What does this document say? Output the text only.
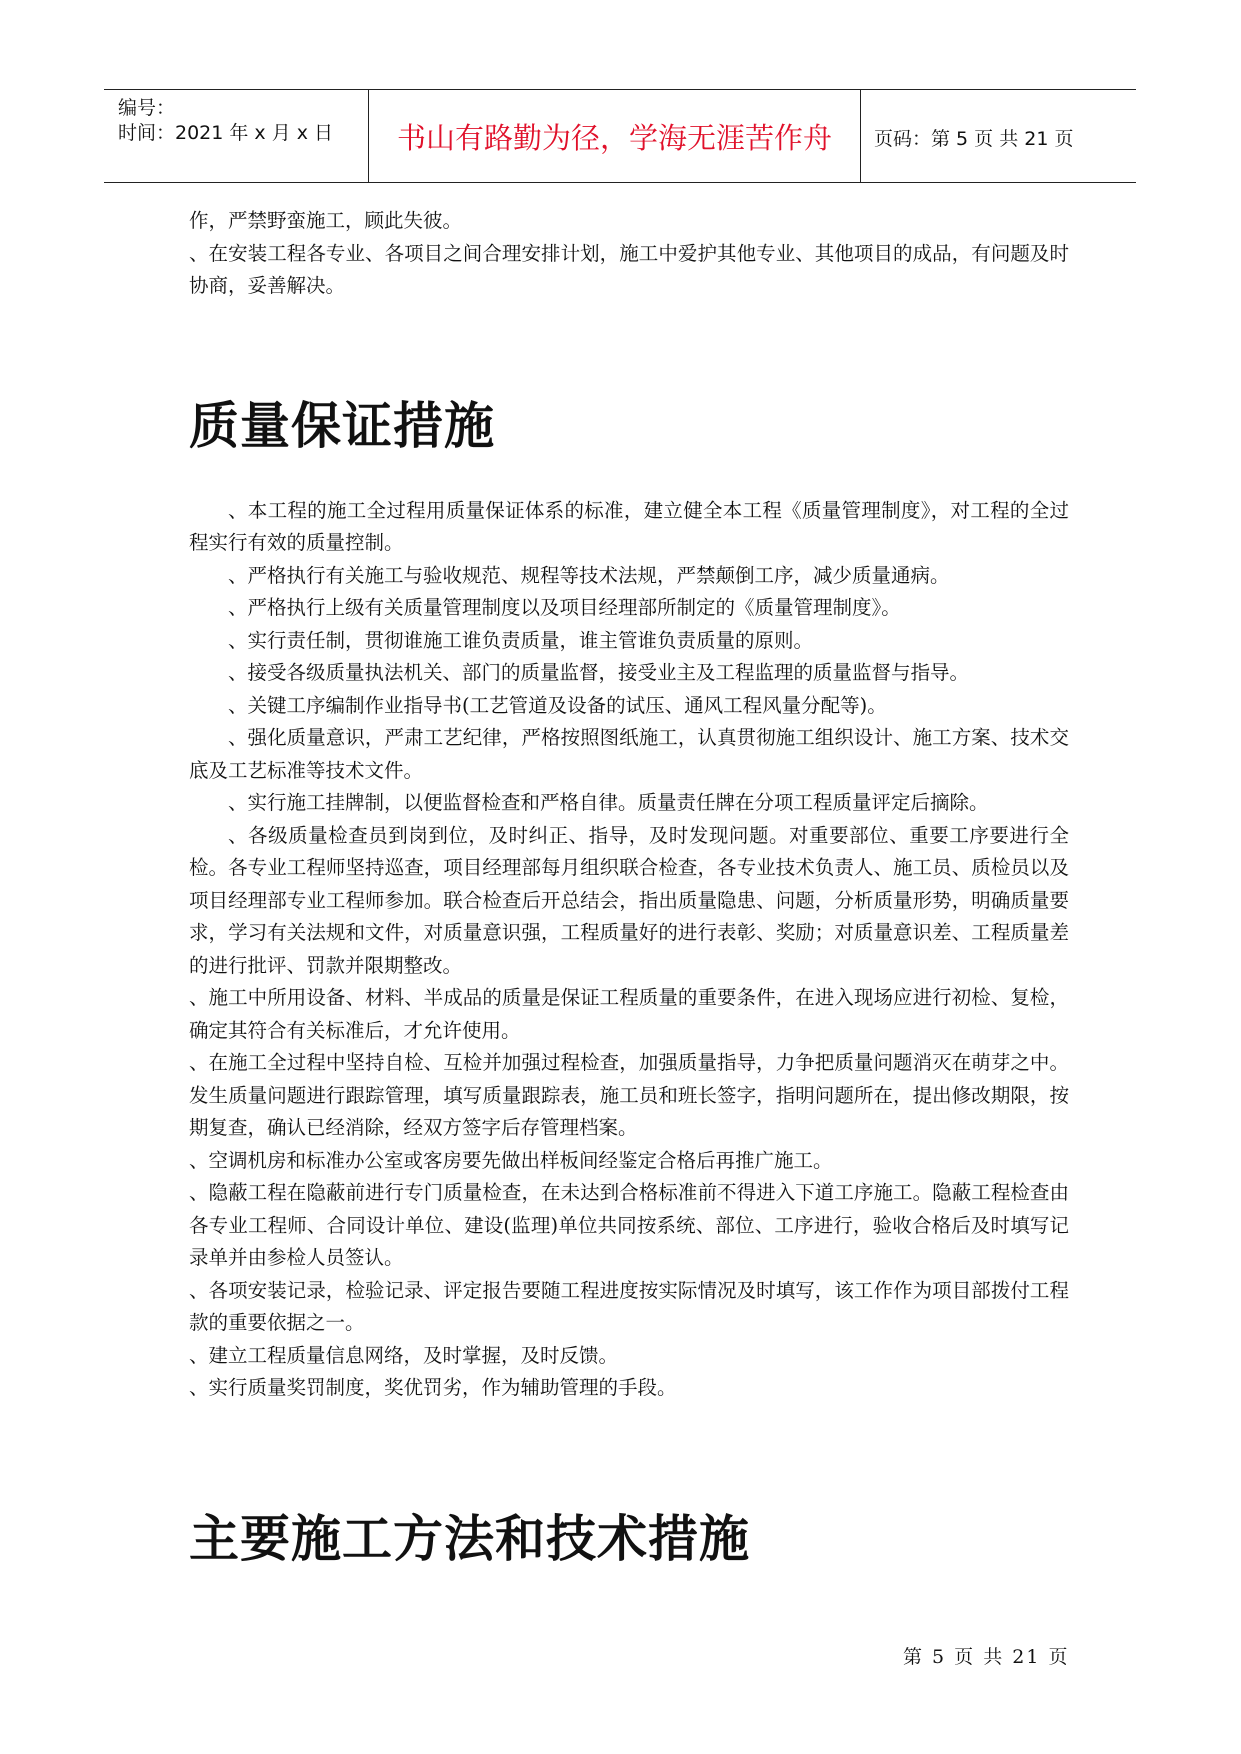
编号：
时间：2021 年 x 月 x 日	书山有路勤为径，学海无涯苦作舟	页码：第 5 页 共 21 页

作，严禁野蛮施工，顾此失彼。

、在安装工程各专业、各项目之间合理安排计划，施工中爱护其他专业、其他项目的成品，有问题及时协商，妥善解决。

质量保证措施

、本工程的施工全过程用质量保证体系的标准，建立健全本工程《质量管理制度》，对工程的全过程实行有效的质量控制。

、严格执行有关施工与验收规范、规程等技术法规，严禁颠倒工序，减少质量通病。

、严格执行上级有关质量管理制度以及项目经理部所制定的《质量管理制度》。

、实行责任制，贯彻谁施工谁负责质量，谁主管谁负责质量的原则。

、接受各级质量执法机关、部门的质量监督，接受业主及工程监理的质量监督与指导。

、关键工序编制作业指导书(工艺管道及设备的试压、通风工程风量分配等)。

、强化质量意识，严肃工艺纪律，严格按照图纸施工，认真贯彻施工组织设计、施工方案、技术交底及工艺标准等技术文件。

、实行施工挂牌制，以便监督检查和严格自律。质量责任牌在分项工程质量评定后摘除。

、各级质量检查员到岗到位，及时纠正、指导，及时发现问题。对重要部位、重要工序要进行全检。各专业工程师坚持巡查，项目经理部每月组织联合检查，各专业技术负责人、施工员、质检员以及项目经理部专业工程师参加。联合检查后开总结会，指出质量隐患、问题，分析质量形势，明确质量要求，学习有关法规和文件，对质量意识强，工程质量好的进行表彰、奖励；对质量意识差、工程质量差的进行批评、罚款并限期整改。

、施工中所用设备、材料、半成品的质量是保证工程质量的重要条件，在进入现场应进行初检、复检，确定其符合有关标准后，才允许使用。

、在施工全过程中坚持自检、互检并加强过程检查，加强质量指导，力争把质量问题消灭在萌芽之中。发生质量问题进行跟踪管理，填写质量跟踪表，施工员和班长签字，指明问题所在，提出修改期限，按期复查，确认已经消除，经双方签字后存管理档案。

、空调机房和标准办公室或客房要先做出样板间经鉴定合格后再推广施工。

、隐蔽工程在隐蔽前进行专门质量检查，在未达到合格标准前不得进入下道工序施工。隐蔽工程检查由各专业工程师、合同设计单位、建设(监理)单位共同按系统、部位、工序进行，验收合格后及时填写记录单并由参检人员签认。

、各项安装记录，检验记录、评定报告要随工程进度按实际情况及时填写，该工作作为项目部拨付工程款的重要依据之一。

、建立工程质量信息网络，及时掌握，及时反馈。

、实行质量奖罚制度，奖优罚劣，作为辅助管理的手段。

主要施工方法和技术措施
第 5 页 共 21 页
